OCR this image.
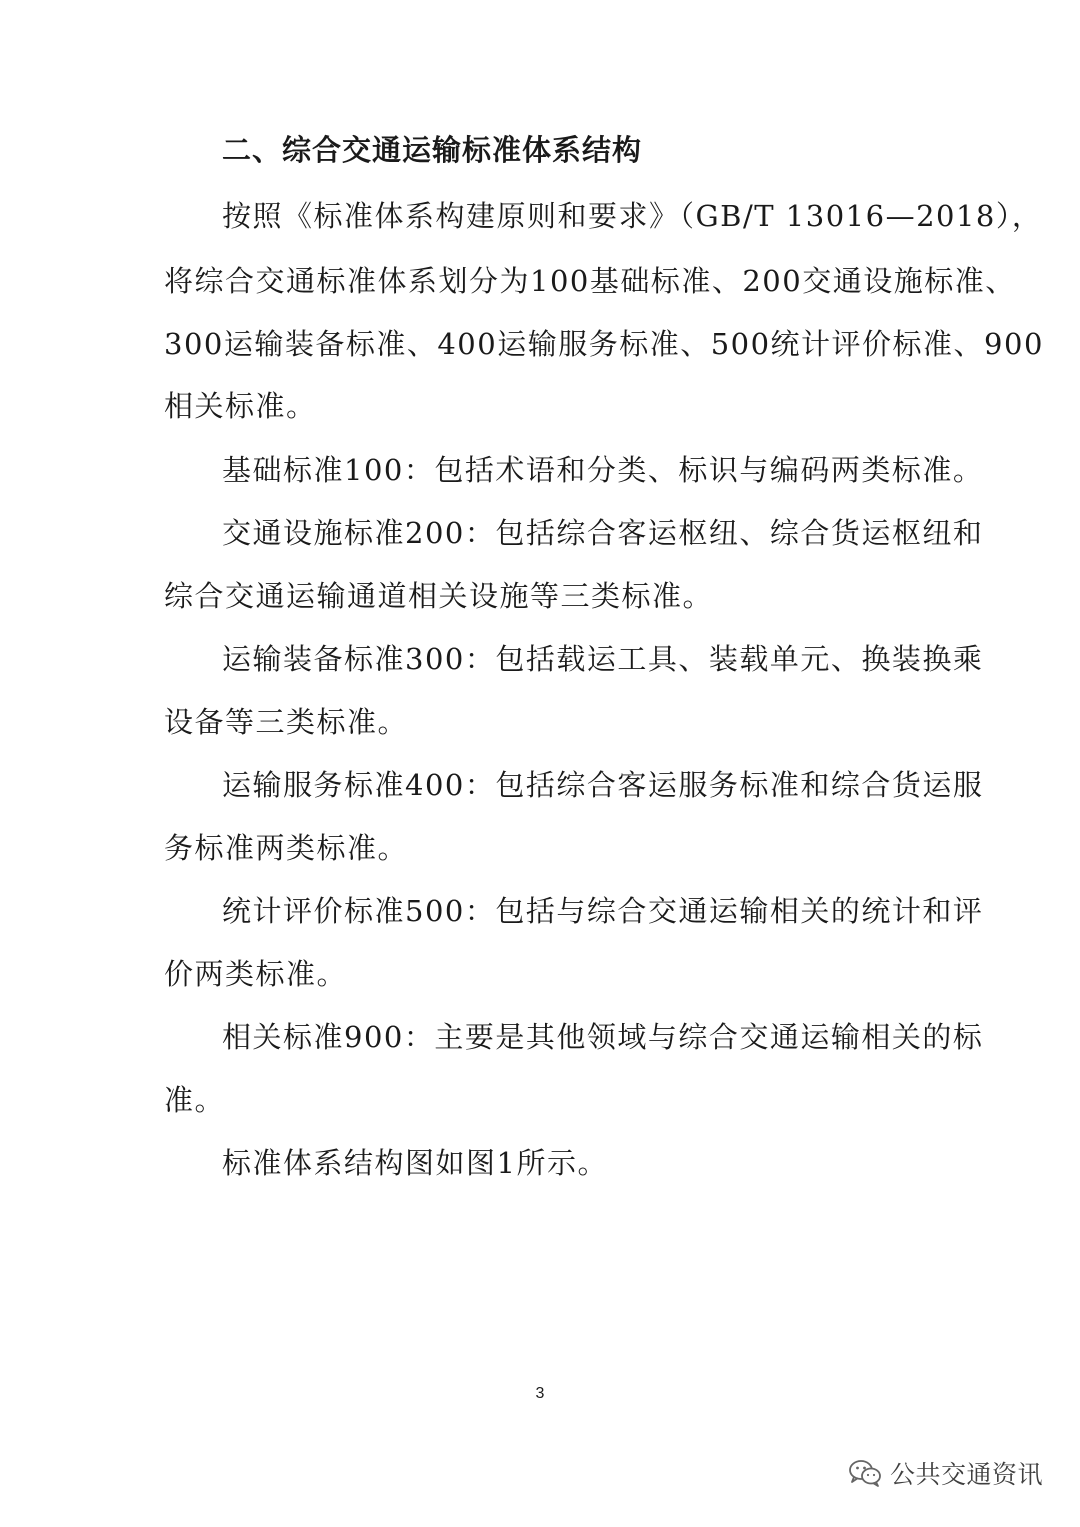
二、综合交通运输标准体系结构
按照《标准体系构建原则和要求》（GB/T 13016—2018），
将综合交通标准体系划分为100基础标准、200交通设施标准、
300运输装备标准、400运输服务标准、500统计评价标准、900
相关标准。
基础标准100：包括术语和分类、标识与编码两类标准。
交通设施标准200：包括综合客运枢纽、综合货运枢纽和
综合交通运输通道相关设施等三类标准。
运输装备标准300：包括载运工具、装载单元、换装换乘
设备等三类标准。
运输服务标准400：包括综合客运服务标准和综合货运服
务标准两类标准。
统计评价标准500：包括与综合交通运输相关的统计和评
价两类标准。
相关标准900：主要是其他领域与综合交通运输相关的标
准。
标准体系结构图如图1所示。
3
公共交通资讯
